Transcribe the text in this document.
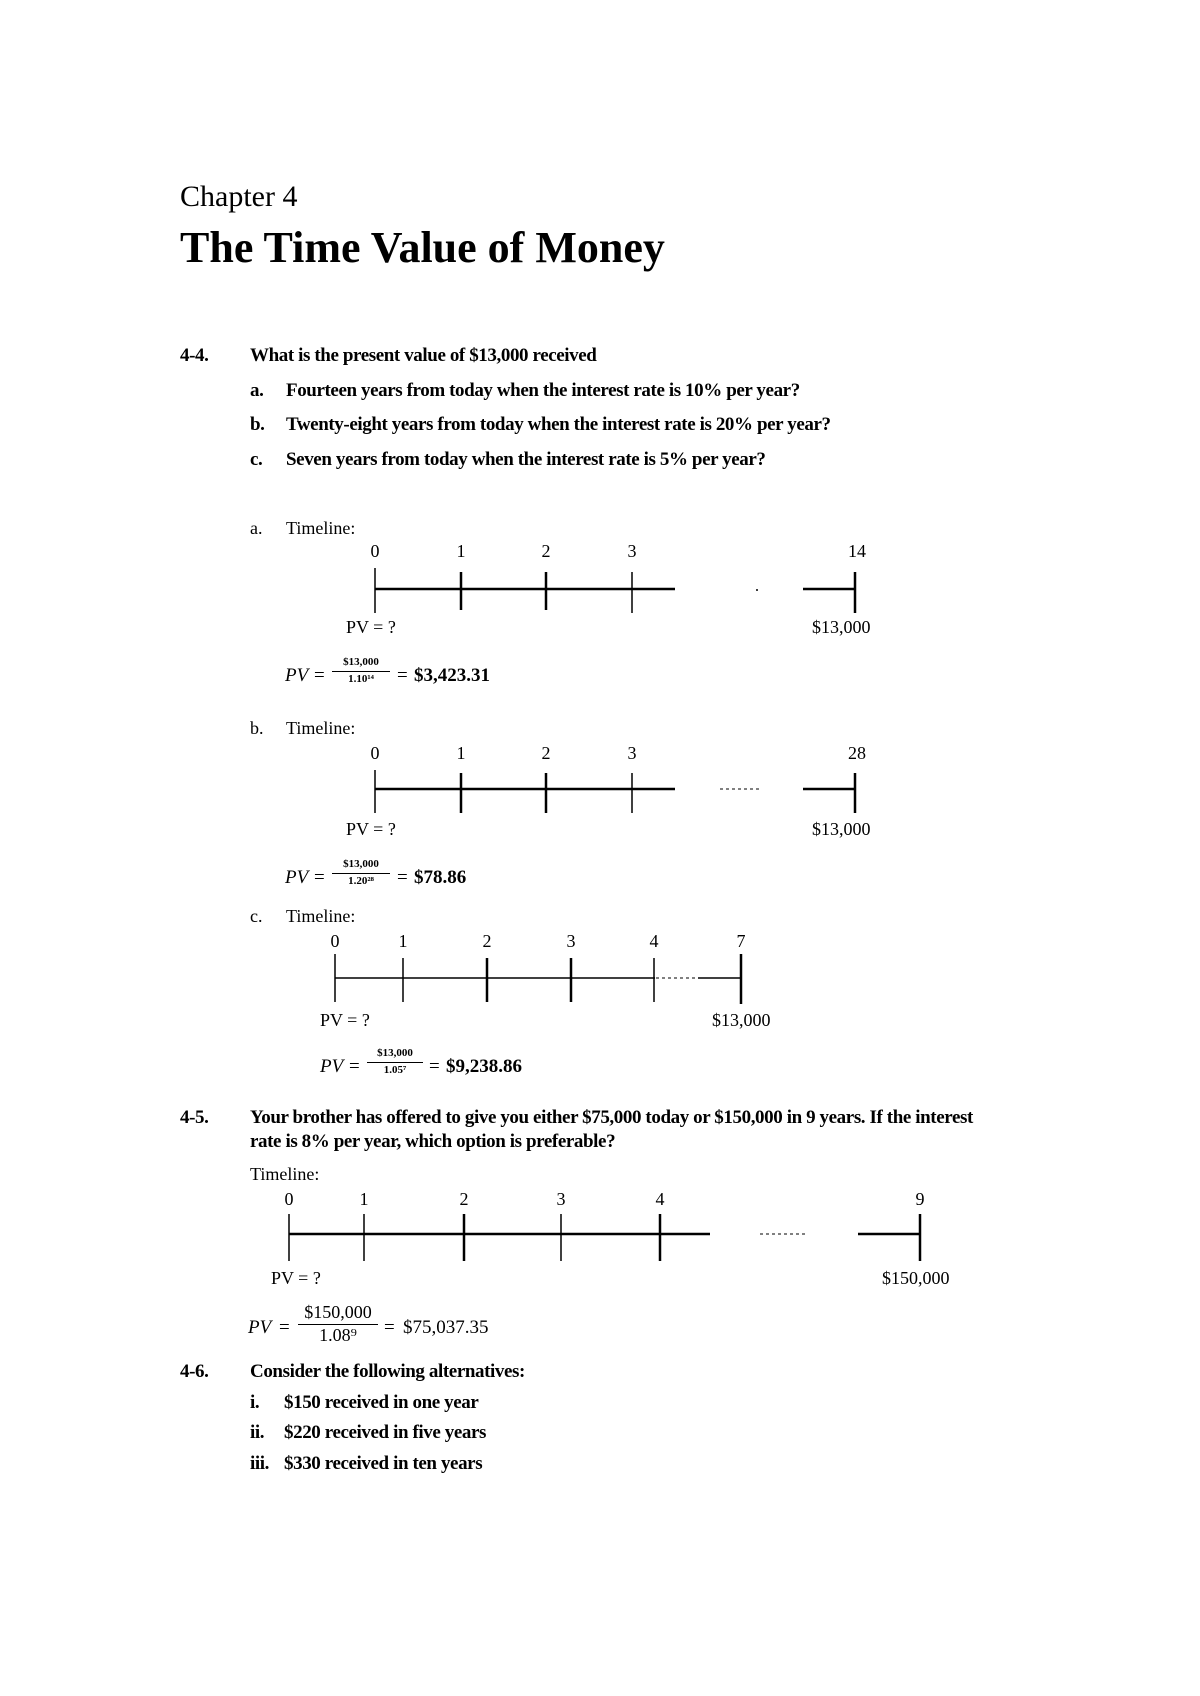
Chapter 4
The Time Value of Money
4-4. What is the present value of $13,000 received
a. Fourteen years from today when the interest rate is 10% per year?
b. Twenty-eight years from today when the interest rate is 20% per year?
c. Seven years from today when the interest rate is 5% per year?
a. Timeline:
0	1	2	3	14
PV = ?	$13,000
PV = $\frac{\$13,000}{\text{1.10¹⁴}}$ = $3,423.31
b. Timeline:
0	1	2	3	28
PV = ?	$13,000
PV = $\frac{\$13,000}{\text{1.20²⁸}}$ = $78.86
c. Timeline:
0	1	2	3	4	7
PV = ?	$13,000
PV = $\frac{\$13,000}{\text{1.05⁷}}$ = $9,238.86
4-5. Your brother has offered to give you either $75,000 today or $150,000 in 9 years. If the interest
rate is 8% per year, which option is preferable?
Timeline:
0	1	2	3	4	9
PV = ?	$150,000
PV = $\frac{\$150,000}{\text{1.08⁹}}$ = $75,037.35
4-6. Consider the following alternatives:
i. $150 received in one year
ii. $220 received in five years
iii. $330 received in ten years
